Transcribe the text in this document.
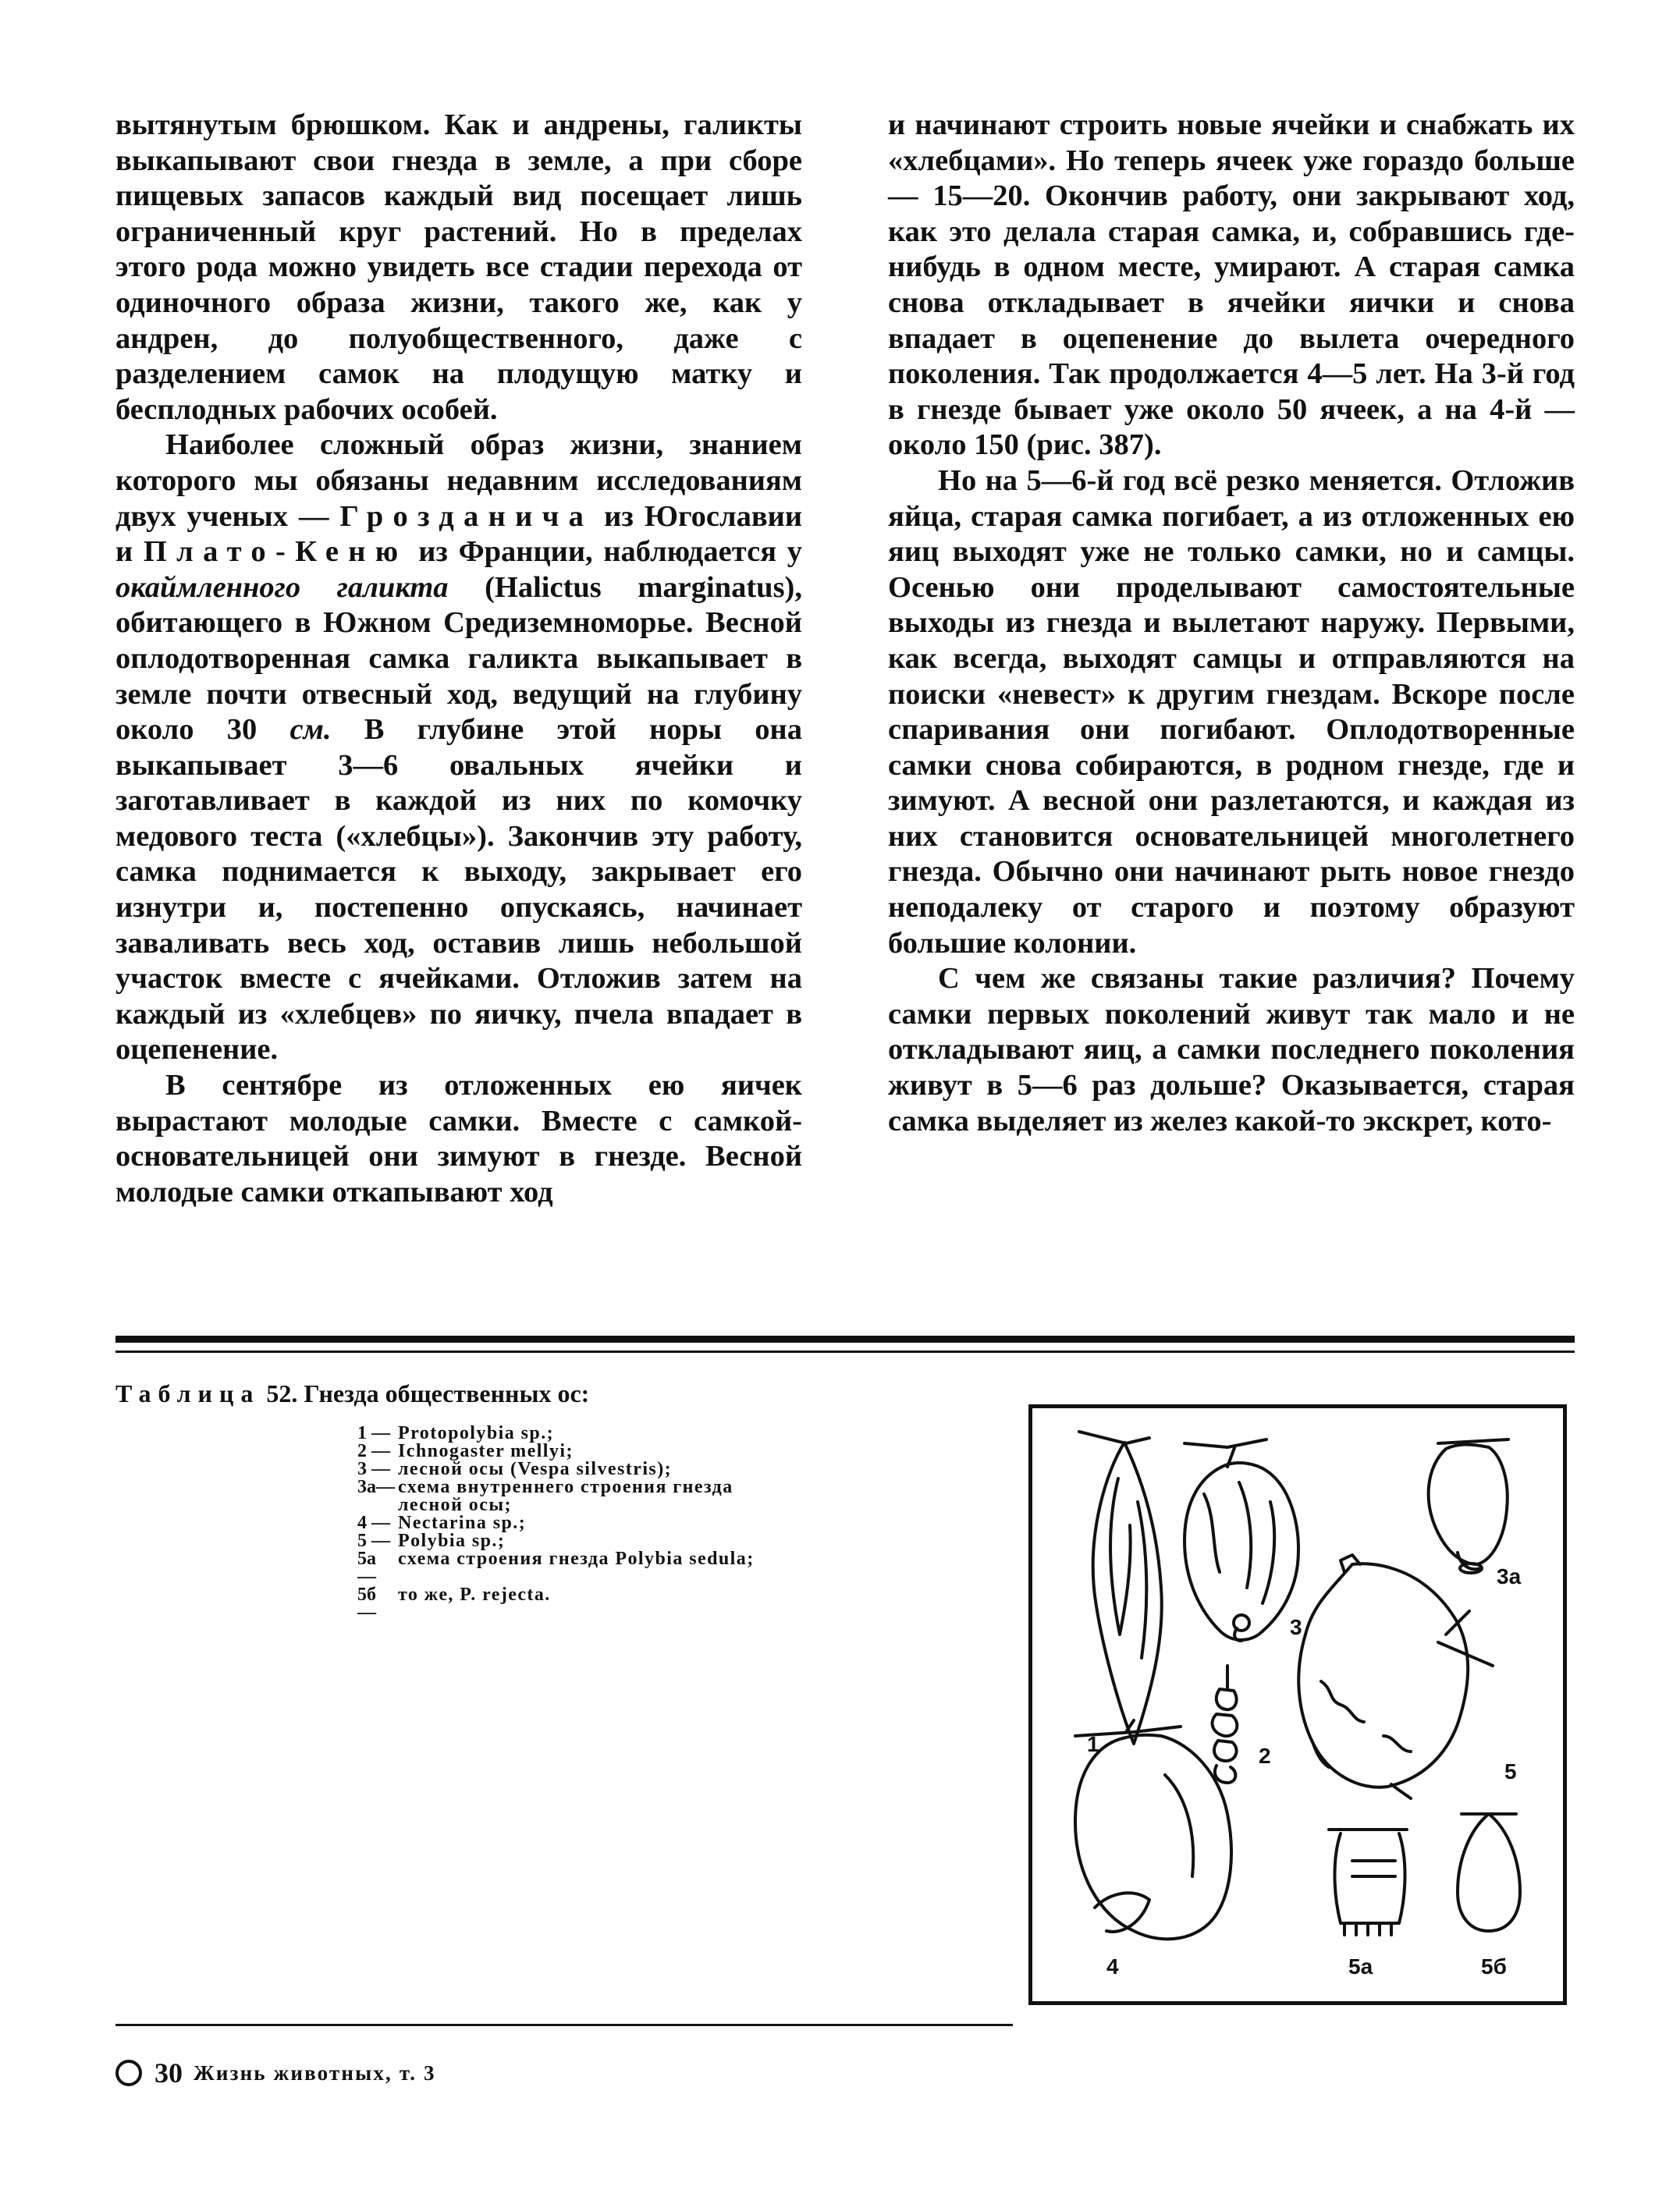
вытянутым брюшком. Как и андрены, галикты выкапывают свои гнезда в земле, а при сборе пищевых запасов каждый вид посещает лишь ограниченный круг растений. Но в пределах этого рода можно увидеть все стадии перехода от одиночного образа жизни, такого же, как у андрен, до полуобщественного, даже с разделением самок на плодущую матку и бесплодных рабочих особей.

Наиболее сложный образ жизни, знанием которого мы обязаны недавним исследованиям двух ученых — Грозданича из Югославии и Плато-Кеню из Франции, наблюдается у окаймленного галикта (Halictus marginatus), обитающего в Южном Средиземноморье. Весной оплодотворенная самка галикта выкапывает в земле почти отвесный ход, ведущий на глубину около 30 см. В глубине этой норы она выкапывает 3—6 овальных ячейки и заготавливает в каждой из них по комочку медового теста («хлебцы»). Закончив эту работу, самка поднимается к выходу, закрывает его изнутри и, постепенно опускаясь, начинает заваливать весь ход, оставив лишь небольшой участок вместе с ячейками. Отложив затем на каждый из «хлебцев» по яичку, пчела впадает в оцепенение.

В сентябре из отложенных ею яичек вырастают молодые самки. Вместе с самкой-основательницей они зимуют в гнезде. Весной молодые самки откапывают ход

и начинают строить новые ячейки и снабжать их «хлебцами». Но теперь ячеек уже гораздо больше — 15—20. Окончив работу, они закрывают ход, как это делала старая самка, и, собравшись где-нибудь в одном месте, умирают. А старая самка снова откладывает в ячейки яички и снова впадает в оцепенение до вылета очередного поколения. Так продолжается 4—5 лет. На 3-й год в гнезде бывает уже около 50 ячеек, а на 4-й — около 150 (рис. 387).

Но на 5—6-й год всё резко меняется. Отложив яйца, старая самка погибает, а из отложенных ею яиц выходят уже не только самки, но и самцы. Осенью они проделывают самостоятельные выходы из гнезда и вылетают наружу. Первыми, как всегда, выходят самцы и отправляются на поиски «невест» к другим гнездам. Вскоре после спаривания они погибают. Оплодотворенные самки снова собираются, в родном гнезде, где и зимуют. А весной они разлетаются, и каждая из них становится основательницей многолетнего гнезда. Обычно они начинают рыть новое гнездо неподалеку от старого и поэтому образуют большие колонии.

С чем же связаны такие различия? Почему самки первых поколений живут так мало и не откладывают яиц, а самки последнего поколения живут в 5—6 раз дольше? Оказывается, старая самка выделяет из желез какой-то экскрет, кото-

Таблица 52. Гнезда общественных ос:
1 — Protopolybia sp.;
2 — Ichnogaster mellyi;
3 — лесной осы (Vespa silvestris);
3а— схема внутреннего строения гнезда
лесной осы;
4 — Nectarina sp.;
5 — Polybia sp.;
5а —
схема строения гнезда Polybia sedula;
5б —
то же, P. rejecta.
1	2
3
3а
4
5
5а	5б
30 Жизнь животных, т. 3
